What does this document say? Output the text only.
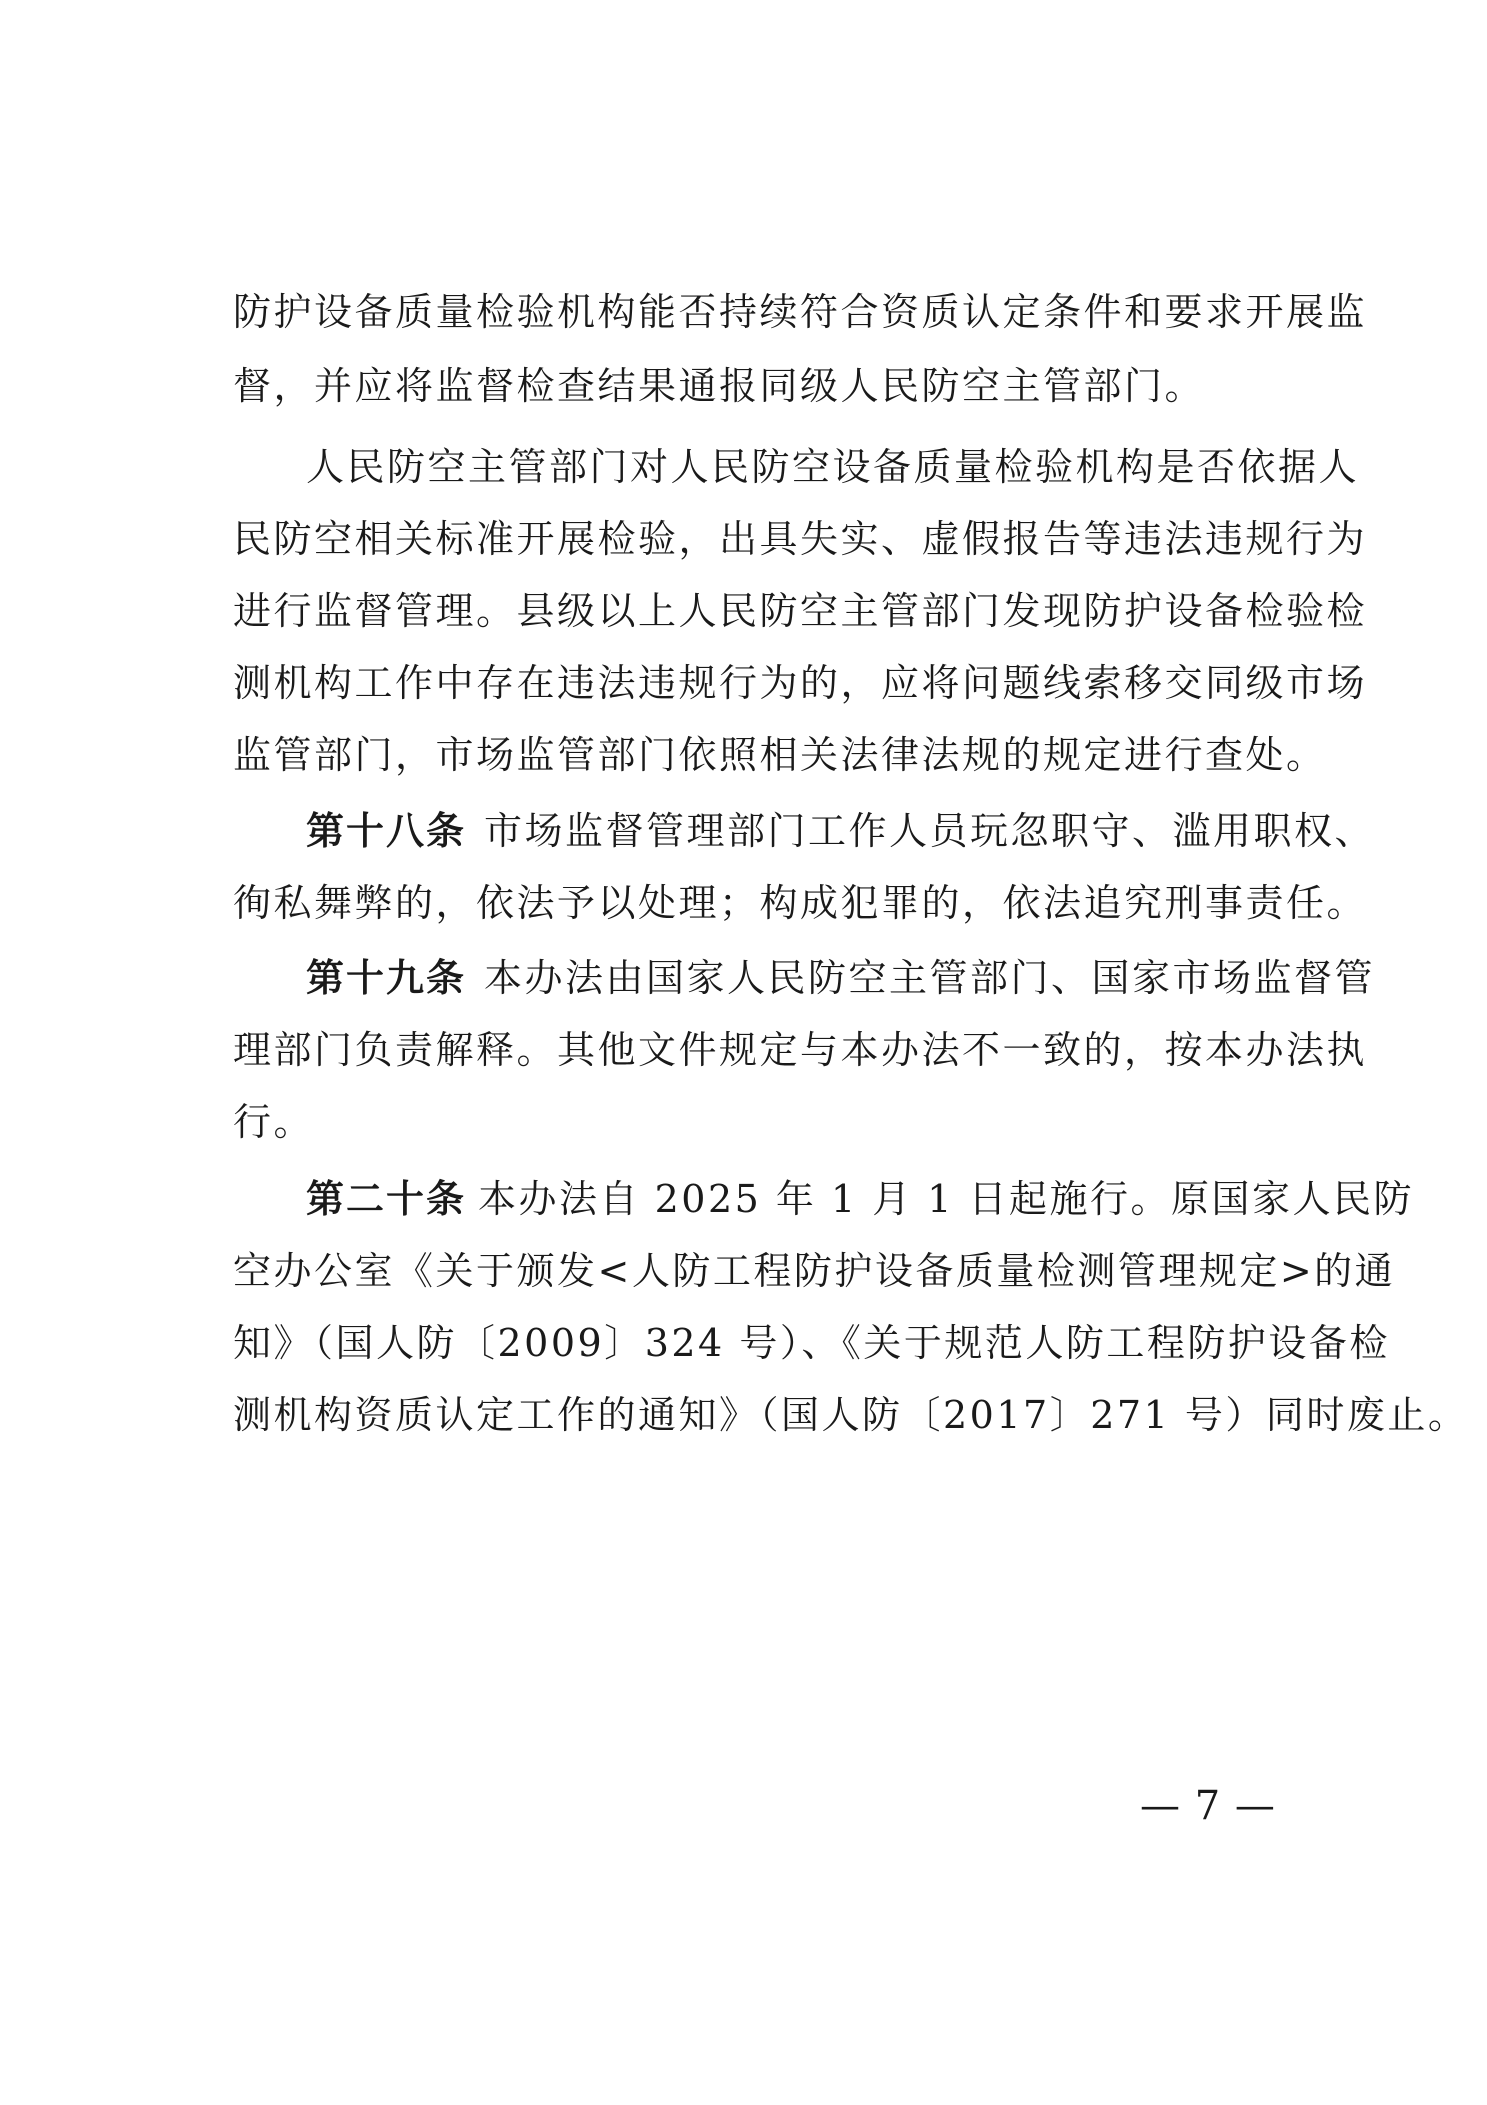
防护设备质量检验机构能否持续符合资质认定条件和要求开展监
督，并应将监督检查结果通报同级人民防空主管部门。
人民防空主管部门对人民防空设备质量检验机构是否依据人
民防空相关标准开展检验，出具失实、虚假报告等违法违规行为
进行监督管理。县级以上人民防空主管部门发现防护设备检验检
测机构工作中存在违法违规行为的，应将问题线索移交同级市场
监管部门，市场监管部门依照相关法律法规的规定进行查处。
第十八条 市场监督管理部门工作人员玩忽职守、滥用职权、
徇私舞弊的，依法予以处理；构成犯罪的，依法追究刑事责任。
第十九条 本办法由国家人民防空主管部门、国家市场监督管
理部门负责解释。其他文件规定与本办法不一致的，按本办法执
行。
第二十条 本办法自 2025 年 1 月 1 日起施行。原国家人民防
空办公室《关于颁发<人防工程防护设备质量检测管理规定>的通
知》（国人防〔2009〕324 号）、《关于规范人防工程防护设备检
测机构资质认定工作的通知》（国人防〔2017〕271 号）同时废止。
— 7 —
